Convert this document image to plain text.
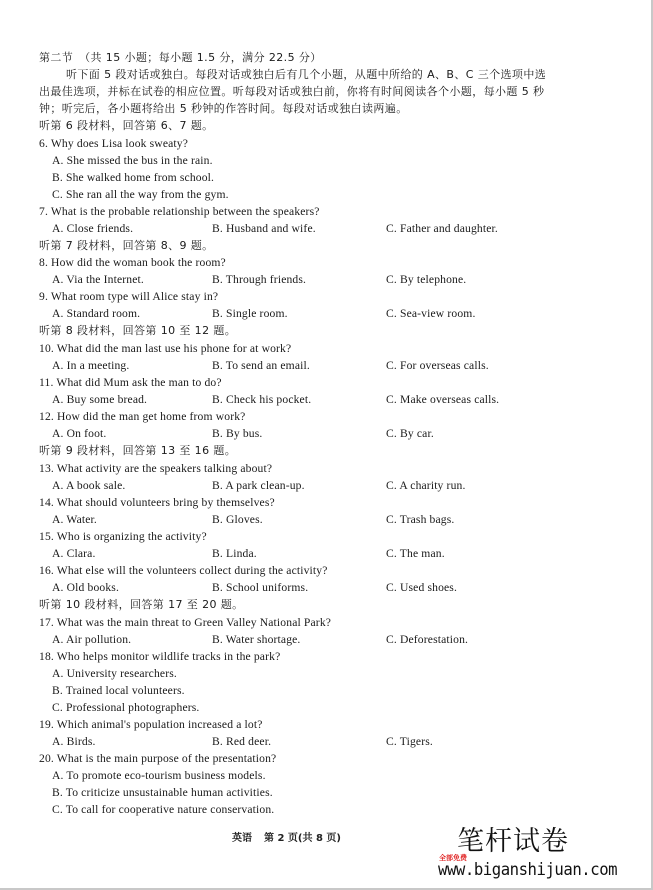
第二节　（共 15 小题；每小题 1.5 分，满分 22.5 分）
听下面 5 段对话或独白。每段对话或独白后有几个小题，从题中所给的 A、B、C 三个选项中选
出最佳选项，并标在试卷的相应位置。听每段对话或独白前，你将有时间阅读各个小题，每小题 5 秒
钟；听完后，各小题将给出 5 秒钟的作答时间。每段对话或独白读两遍。
听第 6 段材料，回答第 6、7 题。
6. Why does Lisa look sweaty?
A. She missed the bus in the rain.
B. She walked home from school.
C. She ran all the way from the gym.
7. What is the probable relationship between the speakers?
A. Close friends.	B. Husband and wife.	C. Father and daughter.
听第 7 段材料，回答第 8、9 题。
8. How did the woman book the room?
A. Via the Internet.	B. Through friends.	C. By telephone.
9. What room type will Alice stay in?
A. Standard room.	B. Single room.	C. Sea-view room.
听第 8 段材料，回答第 10 至 12 题。
10. What did the man last use his phone for at work?
A. In a meeting.	B. To send an email.	C. For overseas calls.
11. What did Mum ask the man to do?
A. Buy some bread.	B. Check his pocket.	C. Make overseas calls.
12. How did the man get home from work?
A. On foot.	B. By bus.	C. By car.
听第 9 段材料，回答第 13 至 16 题。
13. What activity are the speakers talking about?
A. A book sale.	B. A park clean-up.	C. A charity run.
14. What should volunteers bring by themselves?
A. Water.	B. Gloves.	C. Trash bags.
15. Who is organizing the activity?
A. Clara.	B. Linda.	C. The man.
16. What else will the volunteers collect during the activity?
A. Old books.	B. School uniforms.	C. Used shoes.
听第 10 段材料，回答第 17 至 20 题。
17. What was the main threat to Green Valley National Park?
A. Air pollution.	B. Water shortage.	C. Deforestation.
18. Who helps monitor wildlife tracks in the park?
A. University researchers.
B. Trained local volunteers.
C. Professional photographers.
19. Which animal's population increased a lot?
A. Birds.	B. Red deer.	C. Tigers.
20. What is the main purpose of the presentation?
A. To promote eco-tourism business models.
B. To criticize unsustainable human activities.
C. To call for cooperative nature conservation.
英语 第 2 页(共 8 页)	笔杆试卷
全部免费
www.biganshijuan.com
